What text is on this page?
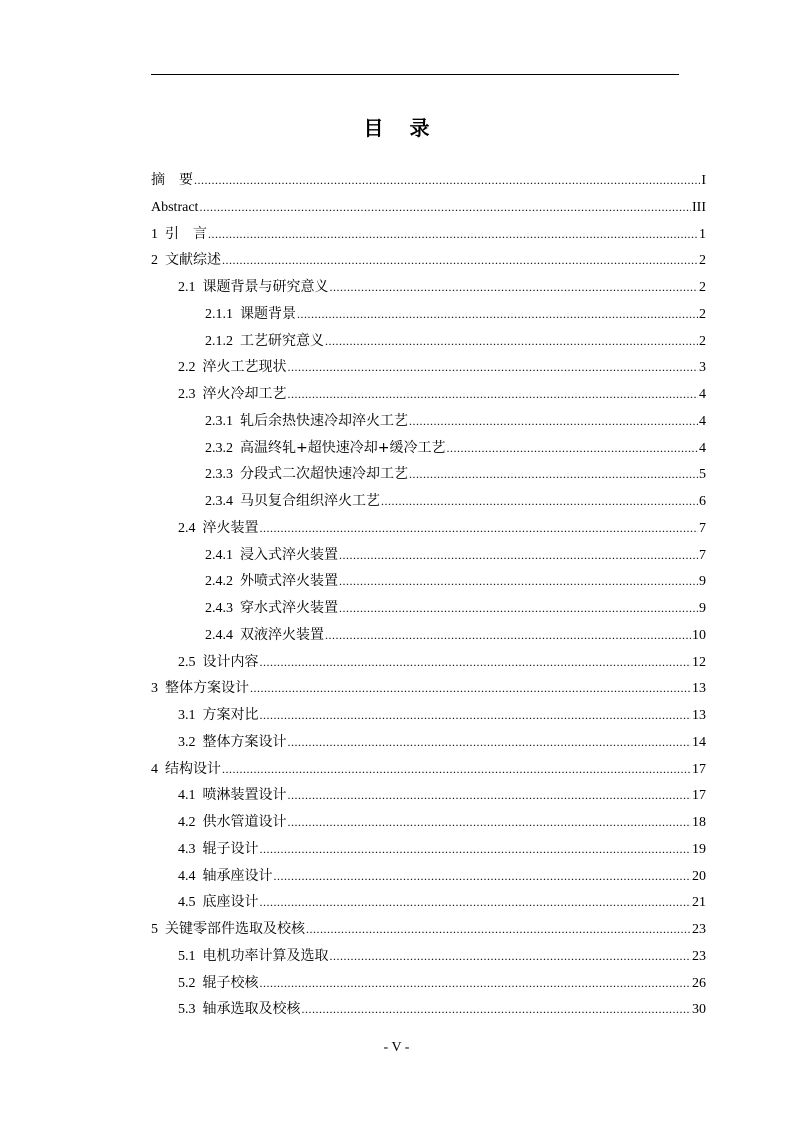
目 录
摘　要 .....	I
Abstract .....	III
1 引　言 .....	1
2 文献综述 .....	2
2.1 课题背景与研究意义 .....	2
2.1.1 课题背景 .....	2
2.1.2 工艺研究意义 .....	2
2.2 淬火工艺现状 .....	3
2.3 淬火冷却工艺 .....	4
2.3.1 轧后余热快速冷却淬火工艺 .....	4
2.3.2 高温终轧+超快速冷却+缓冷工艺 .....	4
2.3.3 分段式二次超快速冷却工艺 .....	5
2.3.4 马贝复合组织淬火工艺 .....	6
2.4 淬火装置 .....	7
2.4.1 浸入式淬火装置 .....	7
2.4.2 外喷式淬火装置 .....	9
2.4.3 穿水式淬火装置 .....	9
2.4.4 双液淬火装置 .....	10
2.5 设计内容 .....	12
3 整体方案设计 .....	13
3.1 方案对比 .....	13
3.2 整体方案设计 .....	14
4 结构设计 .....	17
4.1 喷淋装置设计 .....	17
4.2 供水管道设计 .....	18
4.3 辊子设计 .....	19
4.4 轴承座设计 .....	20
4.5 底座设计 .....	21
5 关键零部件选取及校核 .....	23
5.1 电机功率计算及选取 .....	23
5.2 辊子校核 .....	26
5.3 轴承选取及校核 .....	30
- V -
